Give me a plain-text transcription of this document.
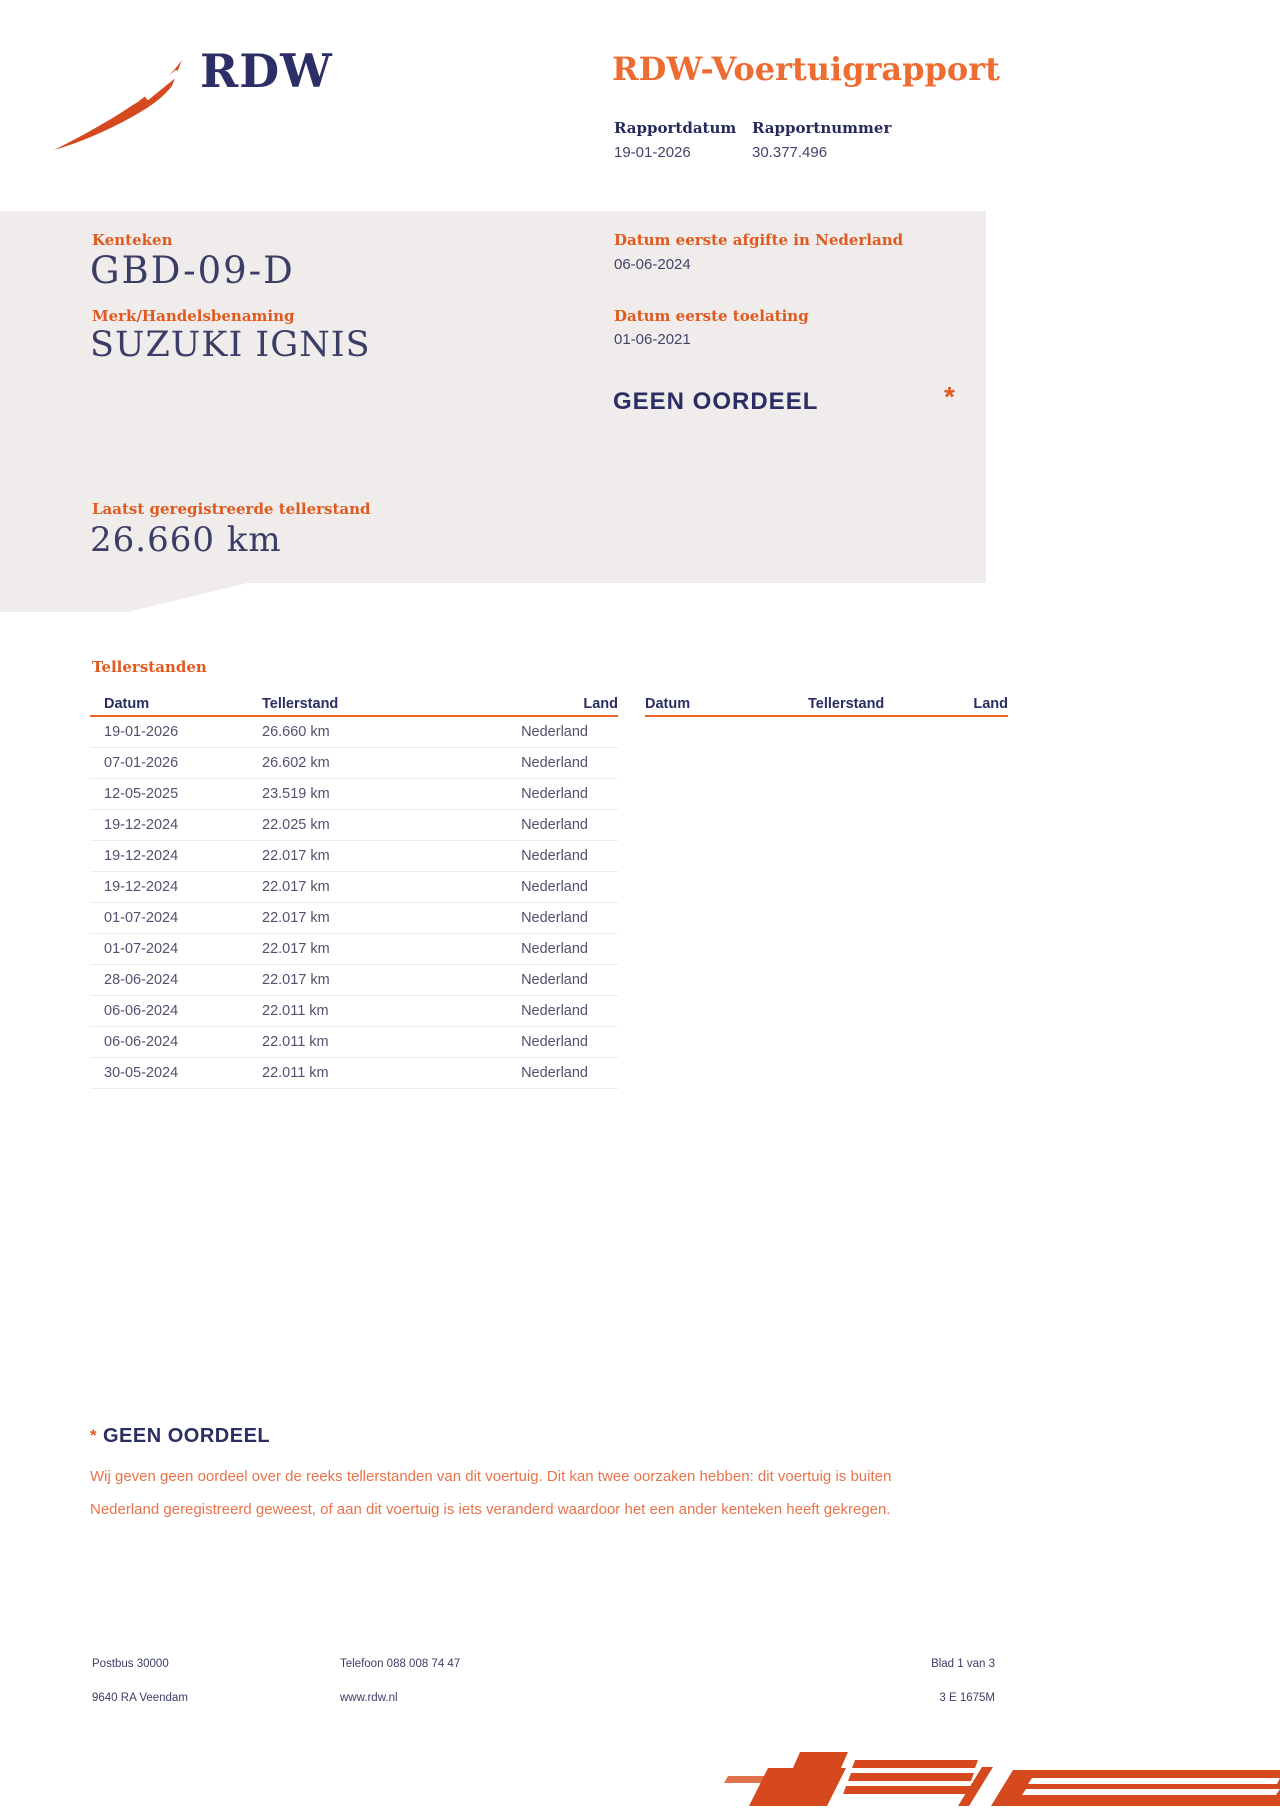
RDW	RDW-Voertuigrapport
Rapportdatum Rapportnummer
19-01-2026	30.377.496
Kenteken
GBD-09-D
Merk/Handelsbenaming
SUZUKI IGNIS
Datum eerste afgifte in Nederland
06-06-2024
Datum eerste toelating
01-06-2021
GEEN OORDEEL	*
Laatst geregistreerde tellerstand
26.660 km
Tellerstanden
Datum	Tellerstand	Land
19-01-2026	26.660 km	Nederland
07-01-2026	26.602 km	Nederland
12-05-2025	23.519 km	Nederland
19-12-2024	22.025 km	Nederland
19-12-2024	22.017 km	Nederland
19-12-2024	22.017 km	Nederland
01-07-2024	22.017 km	Nederland
01-07-2024	22.017 km	Nederland
28-06-2024	22.017 km	Nederland
06-06-2024	22.011 km	Nederland
06-06-2024	22.011 km	Nederland
30-05-2024	22.011 km	Nederland
Datum	Tellerstand	Land
* GEEN OORDEEL
Wij geven geen oordeel over de reeks tellerstanden van dit voertuig. Dit kan twee oorzaken hebben: dit voertuig is buiten Nederland geregistreerd geweest, of aan dit voertuig is iets veranderd waardoor het een ander kenteken heeft gekregen.
Postbus 30000
9640 RA Veendam
Telefoon 088 008 74 47
www.rdw.nl
Blad 1 van 3
3 E 1675M
